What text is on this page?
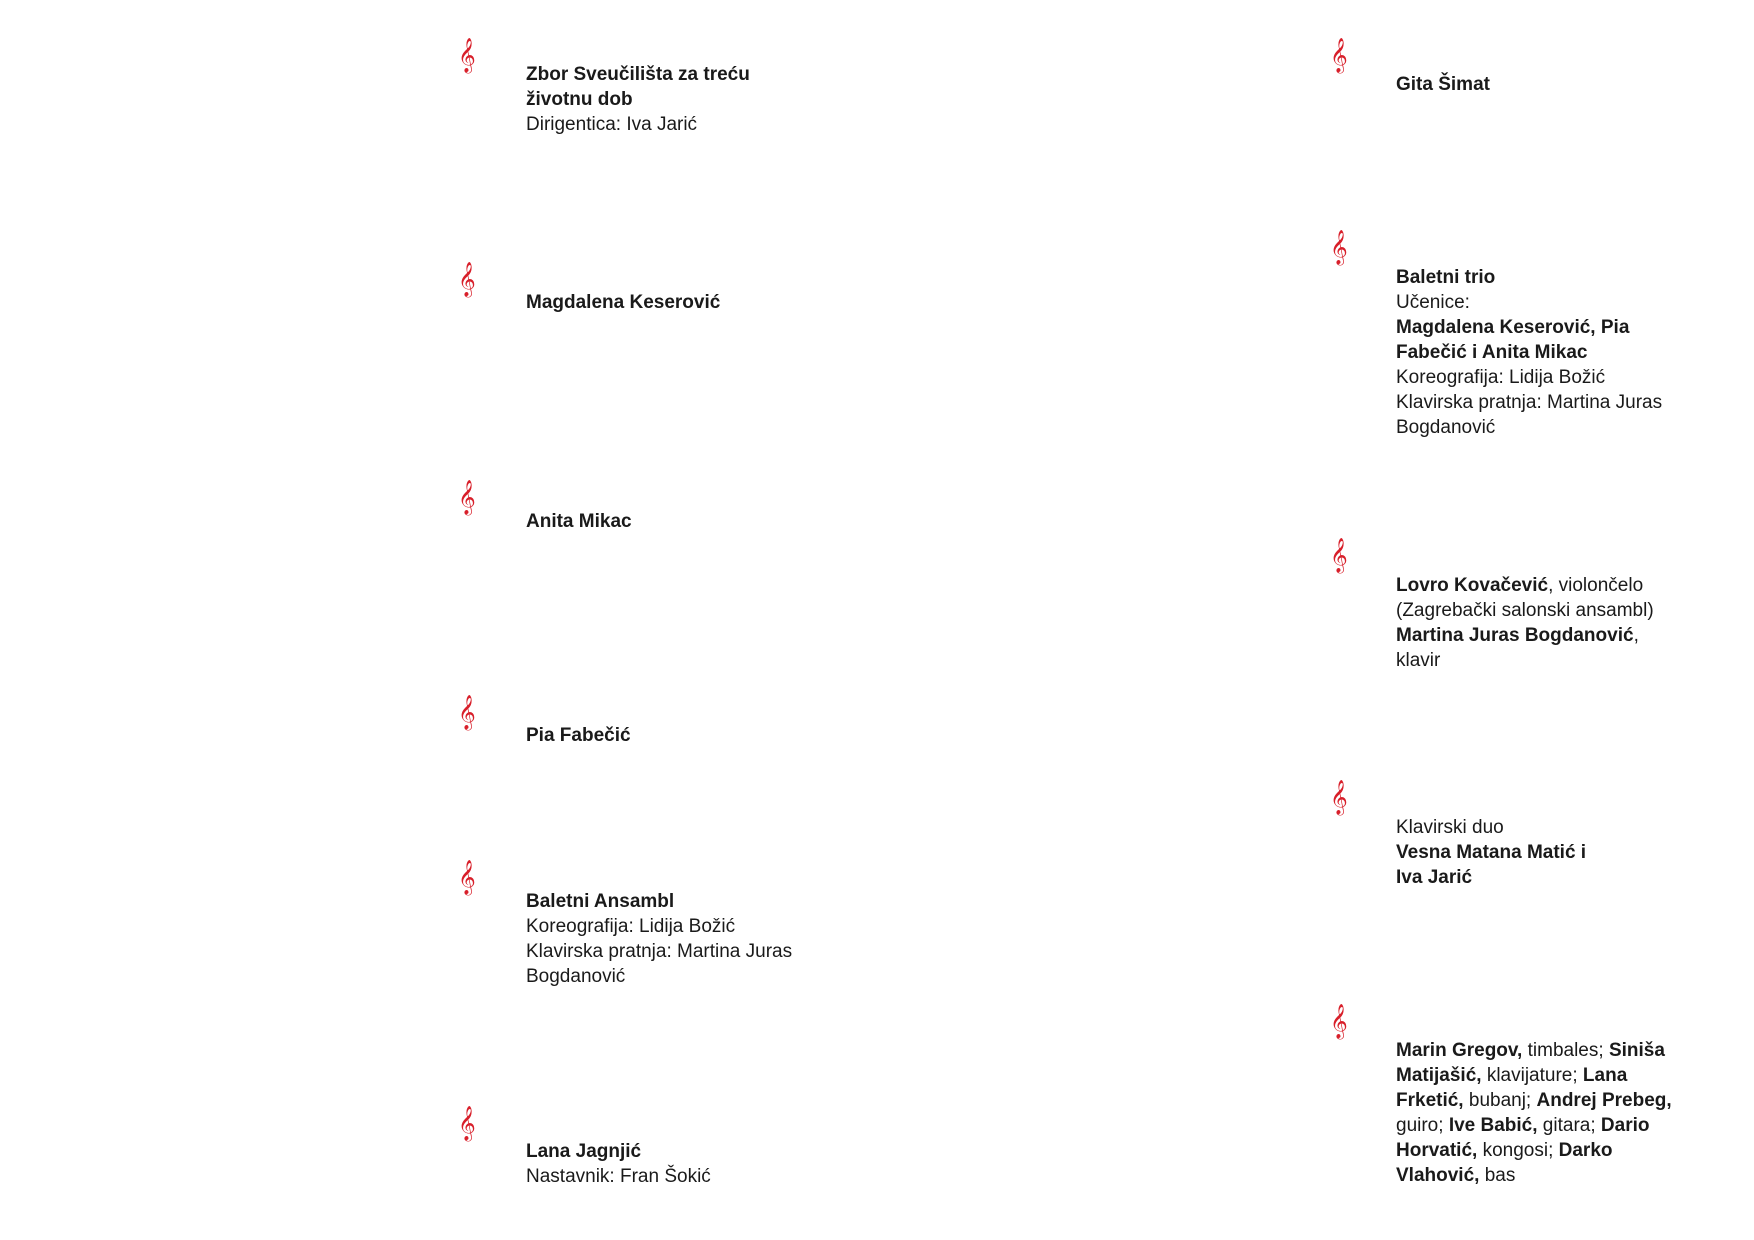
𝄞
Zbor Sveučilišta za treću
životnu dob
Dirigentica: Iva Jarić
𝄞
Magdalena Keserović
𝄞
Anita Mikac
𝄞
Pia Fabečić
𝄞
Baletni Ansambl
Koreografija: Lidija Božić
Klavirska pratnja: Martina Juras
Bogdanović
𝄞
Lana Jagnjić
Nastavnik: Fran Šokić
𝄞
Gita Šimat
𝄞
Baletni trio
Učenice:
Magdalena Keserović, Pia
Fabečić i Anita Mikac
Koreografija: Lidija Božić
Klavirska pratnja: Martina Juras
Bogdanović
𝄞
Lovro Kovačević, violončelo
(Zagrebački salonski ansambl)
Martina Juras Bogdanović,
klavir
𝄞
Klavirski duo
Vesna Matana Matić i
Iva Jarić
𝄞
Marin Gregov, timbales; Siniša
Matijašić, klavijature; Lana
Frketić, bubanj; Andrej Prebeg,
guiro; Ive Babić, gitara; Dario
Horvatić, kongosi; Darko
Vlahović, bas
